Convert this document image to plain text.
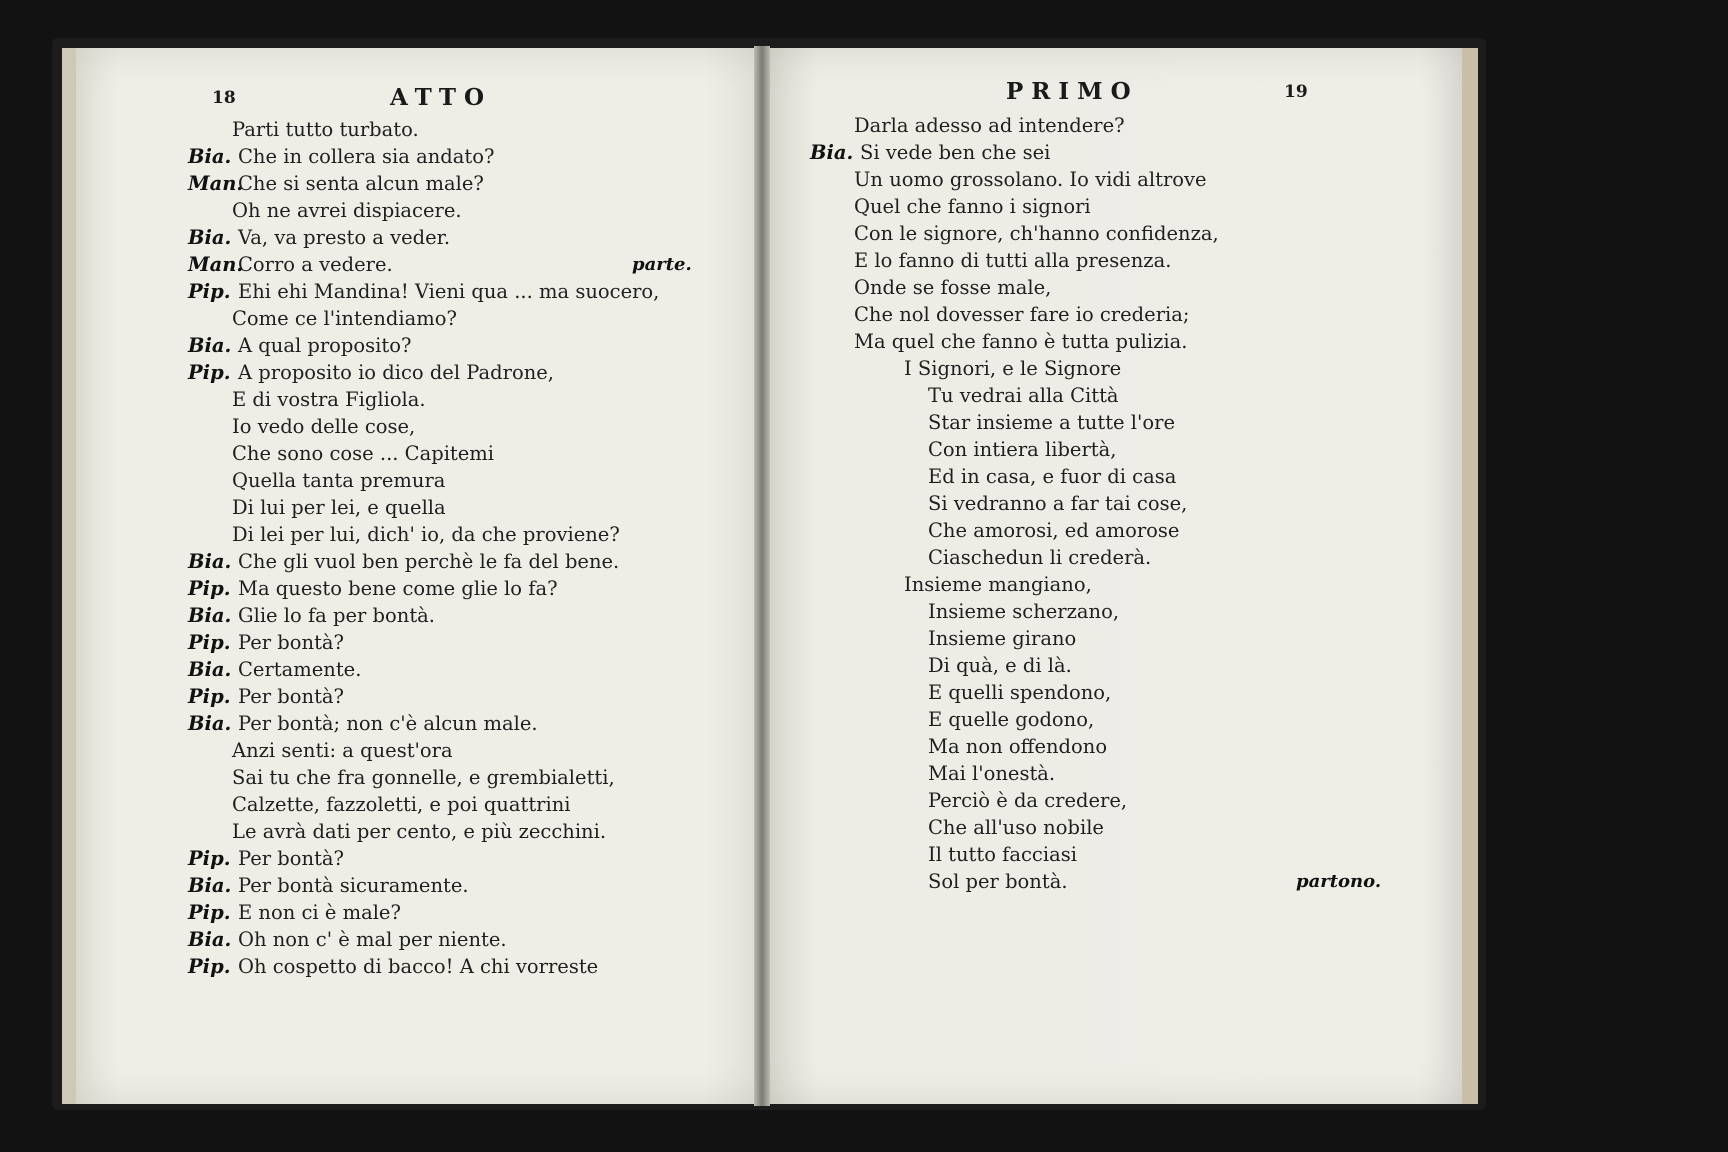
18	ATTO
Parti tutto turbato.
Bia. Che in collera sia andato?
Man.Che si senta alcun male?
Oh ne avrei dispiacere.
Bia. Va, va presto a veder.
Man.Corro a vedere.	parte.
Pip. Ehi ehi Mandina! Vieni qua ... ma suocero,
Come ce l'intendiamo?
Bia. A qual proposito?
Pip. A proposito io dico del Padrone,
E di vostra Figliola.
Io vedo delle cose,
Che sono cose ... Capitemi
Quella tanta premura
Di lui per lei, e quella
Di lei per lui, dich' io, da che proviene?
Bia. Che gli vuol ben perchè le fa del bene.
Pip. Ma questo bene come glie lo fa?
Bia. Glie lo fa per bontà.
Pip. Per bontà?
Bia. Certamente.
Pip. Per bontà?
Bia. Per bontà; non c'è alcun male.
Anzi senti: a quest'ora
Sai tu che fra gonnelle, e grembialetti,
Calzette, fazzoletti, e poi quattrini
Le avrà dati per cento, e più zecchini.
Pip. Per bontà?
Bia. Per bontà sicuramente.
Pip. E non ci è male?
Bia. Oh non c' è mal per niente.
Pip. Oh cospetto di bacco! A chi vorreste
PRIMO	19
Darla adesso ad intendere?
Bia. Si vede ben che sei
Un uomo grossolano. Io vidi altrove
Quel che fanno i signori
Con le signore, ch'hanno confidenza,
E lo fanno di tutti alla presenza.
Onde se fosse male,
Che nol dovesser fare io crederia;
Ma quel che fanno è tutta pulizia.
I Signori, e le Signore
Tu vedrai alla Città
Star insieme a tutte l'ore
Con intiera libertà,
Ed in casa, e fuor di casa
Si vedranno a far tai cose,
Che amorosi, ed amorose
Ciaschedun li crederà.
Insieme mangiano,
Insieme scherzano,
Insieme girano
Di quà, e di là.
E quelli spendono,
E quelle godono,
Ma non offendono
Mai l'onestà.
Perciò è da credere,
Che all'uso nobile
Il tutto facciasi
Sol per bontà.	partono.
